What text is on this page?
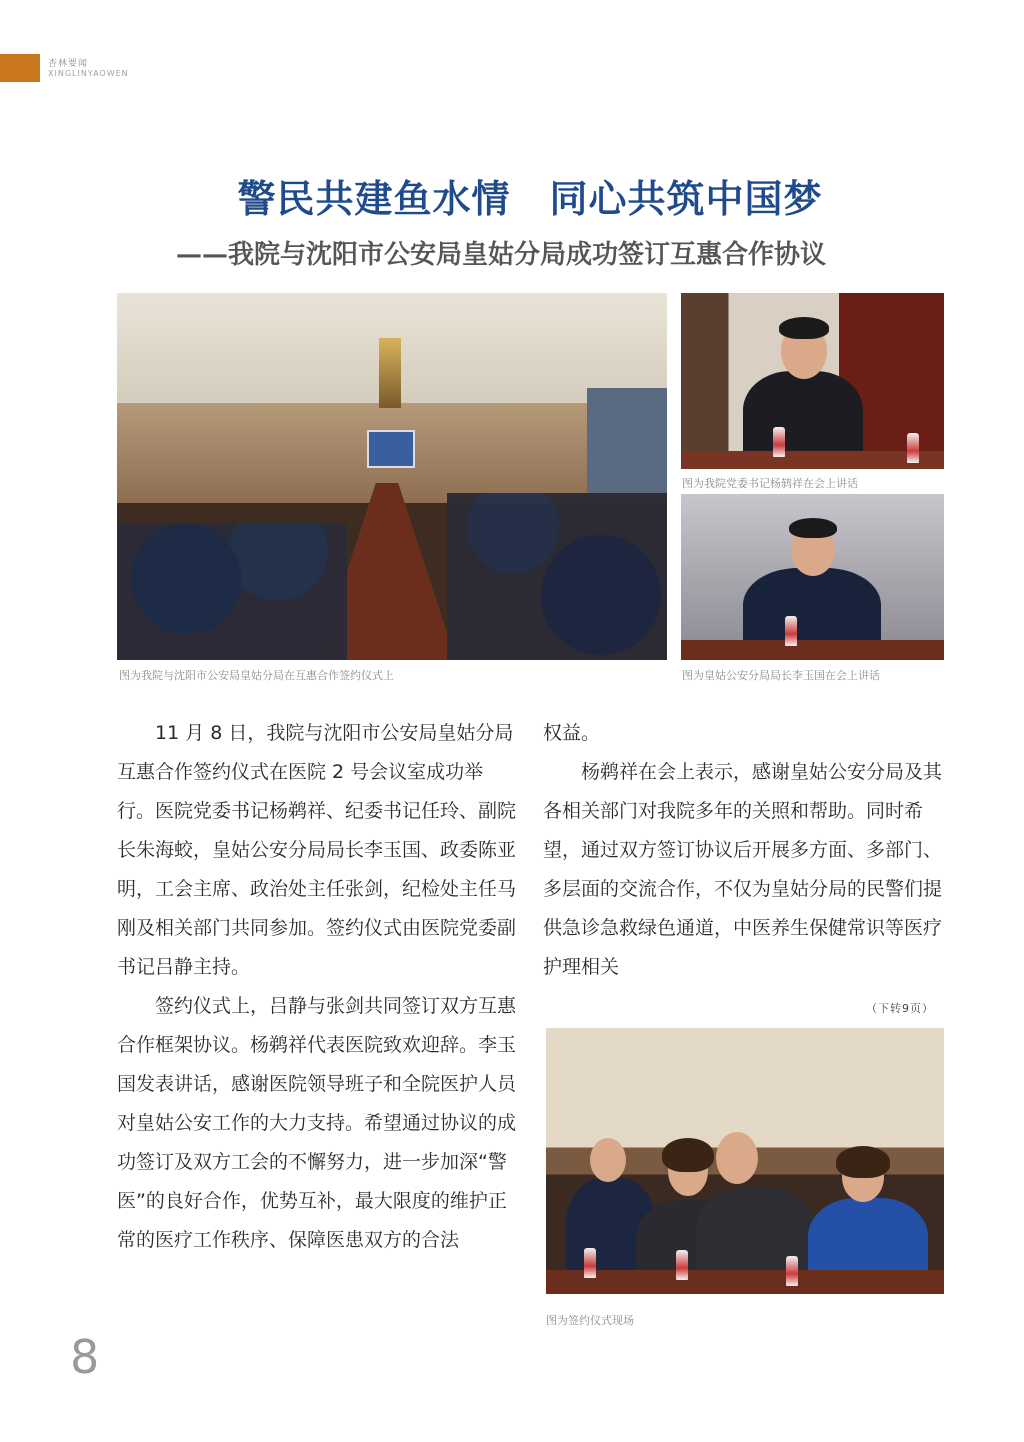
杏林要闻
XINGLINYAOWEN
警民共建鱼水情　同心共筑中国梦
——我院与沈阳市公安局皇姑分局成功签订互惠合作协议
图为我院与沈阳市公安局皇姑分局在互惠合作签约仪式上
图为我院党委书记杨鸫祥在会上讲话
图为皇姑公安分局局长李玉国在会上讲话

11 月 8 日，我院与沈阳市公安局皇姑分局互惠合作签约仪式在医院 2 号会议室成功举行。医院党委书记杨鹈祥、纪委书记任玲、副院长朱海蛟，皇姑公安分局局长李玉国、政委陈亚明，工会主席、政治处主任张剑，纪检处主任马刚及相关部门共同参加。签约仪式由医院党委副书记吕静主持。

签约仪式上，吕静与张剑共同签订双方互惠合作框架协议。杨鹈祥代表医院致欢迎辞。李玉国发表讲话，感谢医院领导班子和全院医护人员对皇姑公安工作的大力支持。希望通过协议的成功签订及双方工会的不懈努力，进一步加深“警医”的良好合作，优势互补，最大限度的维护正常的医疗工作秩序、保障医患双方的合法

权益。

杨鹈祥在会上表示，感谢皇姑公安分局及其各相关部门对我院多年的关照和帮助。同时希望，通过双方签订协议后开展多方面、多部门、多层面的交流合作，不仅为皇姑分局的民警们提供急诊急救绿色通道，中医养生保健常识等医疗护理相关

（下转9页）
图为签约仪式现场
8
